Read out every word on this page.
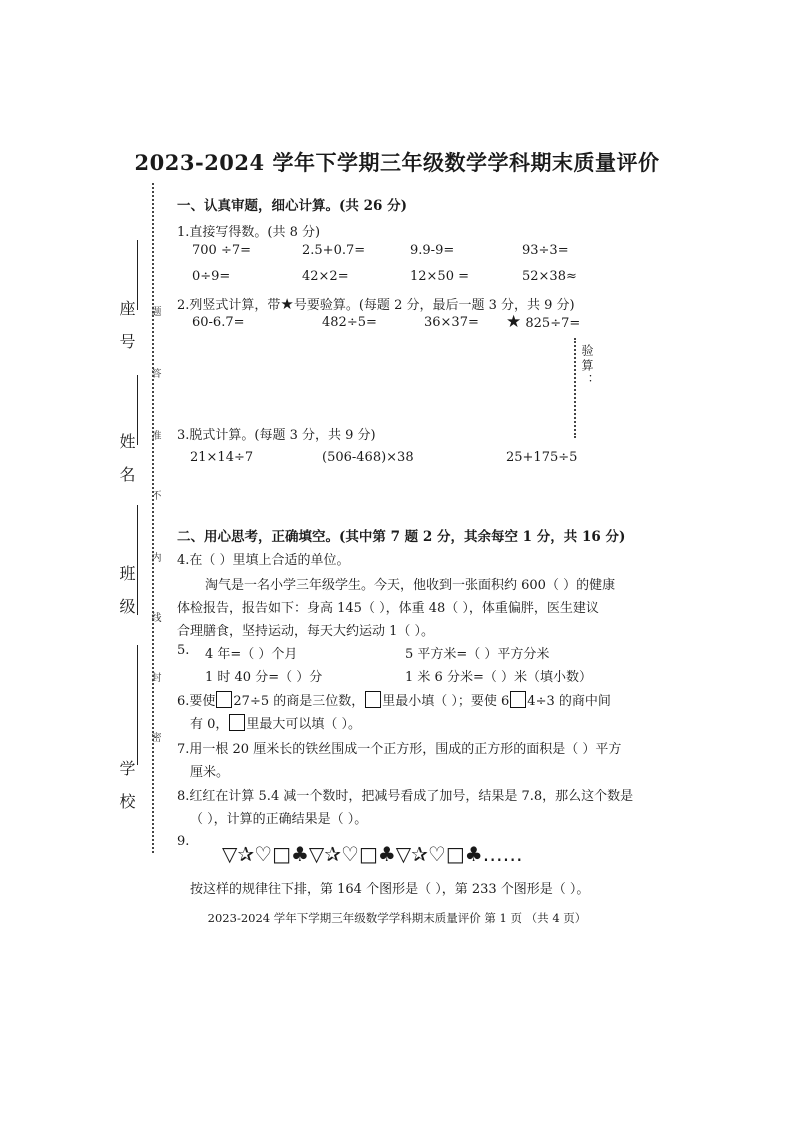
2023-2024 学年下学期三年级数学学科期末质量评价
座 号
姓 名
班 级
学 校
题
答
准
不
内
线
封
密
一、认真审题，细心计算。(共 26 分)
1.直接写得数。(共 8 分)
700 ÷7=	2.5+0.7=	9.9-9=	93÷3=
0÷9=	42×2=	12×50 =	52×38≈
2.列竖式计算，带★号要验算。(每题 2 分，最后一题 3 分，共 9 分)
60-6.7=	482÷5=	36×37= ★ 825÷7=
验算：
3.脱式计算。(每题 3 分，共 9 分)
21×14÷7	(506-468)×38	25+175÷5
二、用心思考，正确填空。(其中第 7 题 2 分，其余每空 1 分，共 16 分)
4.在（ ）里填上合适的单位。
淘气是一名小学三年级学生。今天，他收到一张面积约 600（ ）的健康
体检报告，报告如下：身高 145（ ），体重 48（ ），体重偏胖，医生建议
合理膳食，坚持运动，每天大约运动 1（ ）。
5. 4 年=（ ）个月	5 平方米=（ ）平方分米
1 时 40 分=（ ）分	1 米 6 分米=（ ）米（填小数）
6.要使 27÷5 的商是三位数， 里最小填（ ）；要使 6 4÷3 的商中间
有 0， 里最大可以填（ ）。
7.用一根 20 厘米长的铁丝围成一个正方形，围成的正方形的面积是（ ）平方
厘米。
8.红红在计算 5.4 减一个数时，把减号看成了加号，结果是 7.8，那么这个数是
（ ），计算的正确结果是（ ）。
9.
▽✰♡□♣▽✰♡□♣▽✰♡□♣……
按这样的规律往下排，第 164 个图形是（ ），第 233 个图形是（ ）。
2023-2024 学年下学期三年级数学学科期末质量评价 第 1 页 （共 4 页）
